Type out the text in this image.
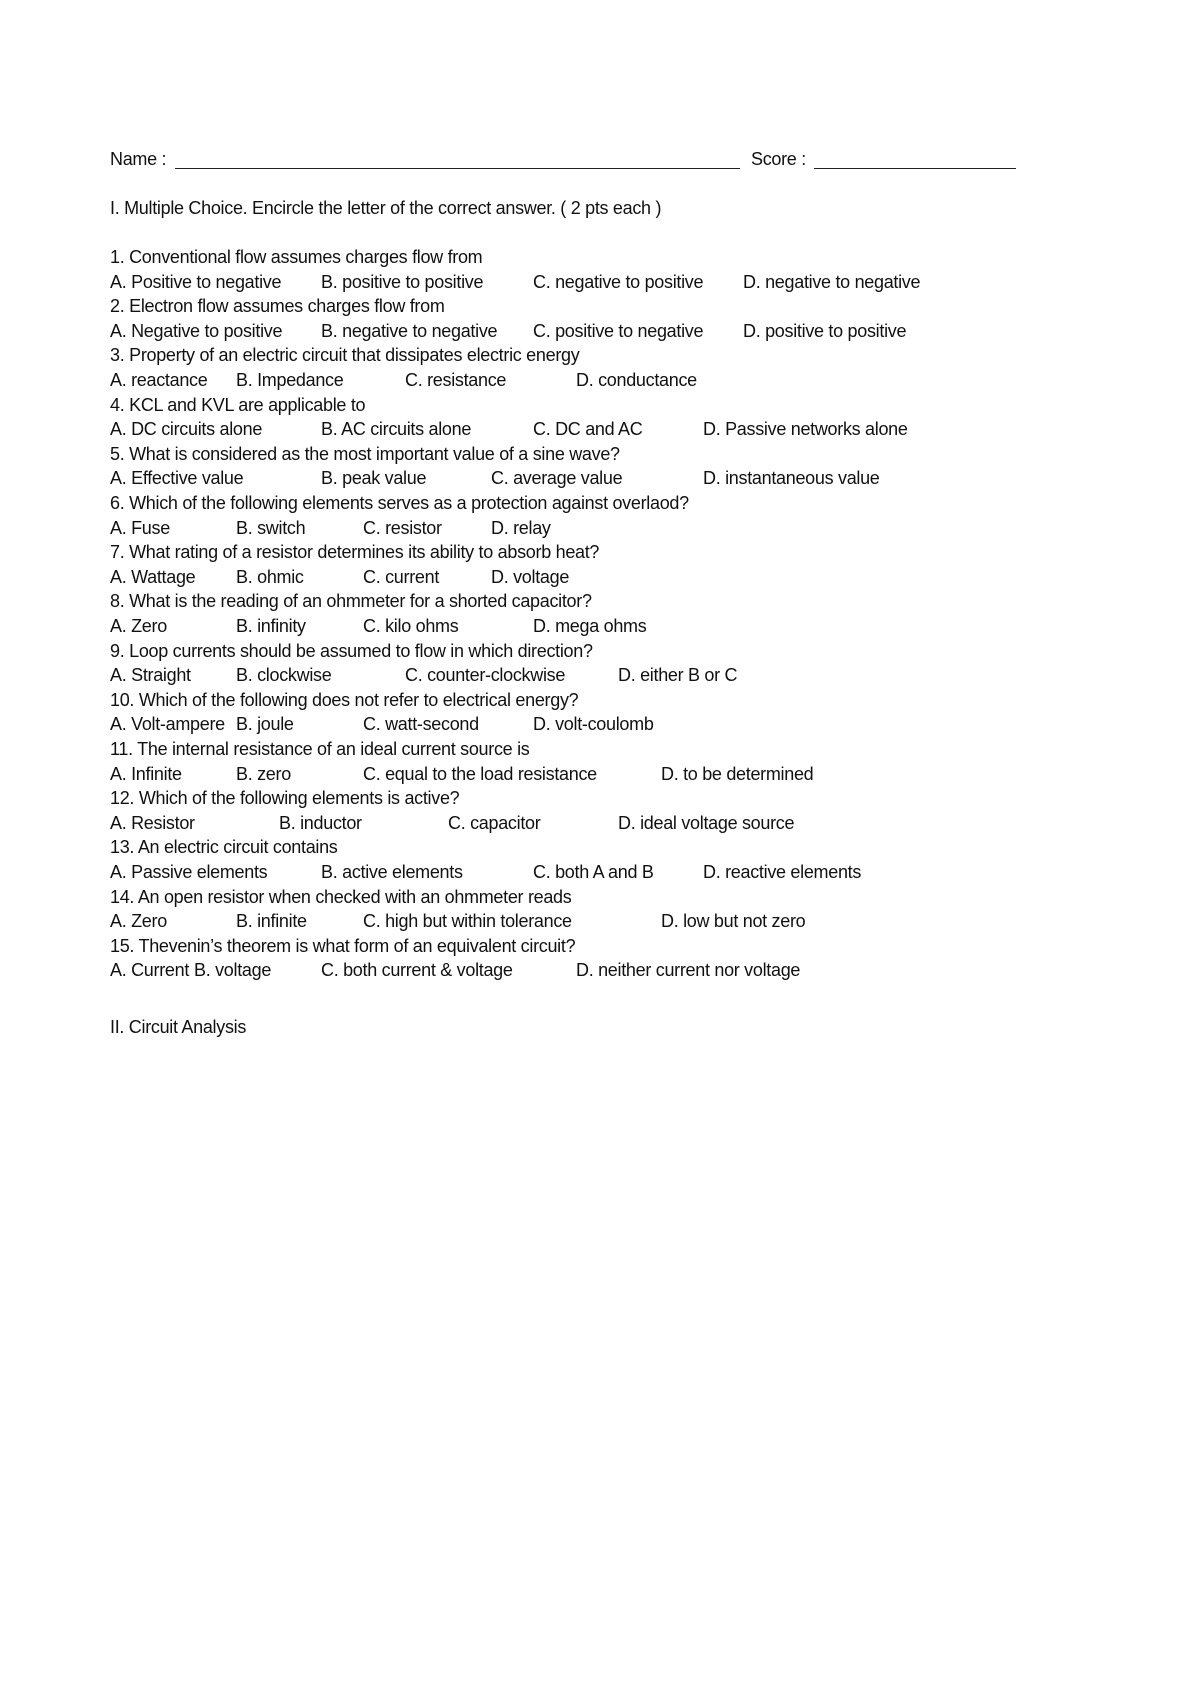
Name :	Score :
I. Multiple Choice. Encircle the letter of the correct answer. ( 2 pts each )
1. Conventional flow assumes charges flow from
A. Positive to negative B. positive to positive	C. negative to positive D. negative to negative
2. Electron flow assumes charges flow from
A. Negative to positive B. negative to negative C. positive to negative D. positive to positive
3. Property of an electric circuit that dissipates electric energy
A. reactance B. Impedance	C. resistance	D. conductance
4. KCL and KVL are applicable to
A. DC circuits alone	B. AC circuits alone	C. DC and AC	D. Passive networks alone
5. What is considered as the most important value of a sine wave?
A. Effective value	B. peak value	C. average value	D. instantaneous value
6. Which of the following elements serves as a protection against overlaod?
A. Fuse	B. switch	C. resistor	D. relay
7. What rating of a resistor determines its ability to absorb heat?
A. Wattage B. ohmic	C. current	D. voltage
8. What is the reading of an ohmmeter for a shorted capacitor?
A. Zero	B. infinity	C. kilo ohms	D. mega ohms
9. Loop currents should be assumed to flow in which direction?
A. Straight	B. clockwise	C. counter-clockwise	D. either B or C
10. Which of the following does not refer to electrical energy?
A. Volt-ampere B. joule	C. watt-second	D. volt-coulomb
11. The internal resistance of an ideal current source is
A. Infinite	B. zero	C. equal to the load resistance	D. to be determined
12. Which of the following elements is active?
A. Resistor	B. inductor	C. capacitor	D. ideal voltage source
13. An electric circuit contains
A. Passive elements	B. active elements	C. both A and B	D. reactive elements
14. An open resistor when checked with an ohmmeter reads
A. Zero	B. infinite	C. high but within tolerance	D. low but not zero
15. Thevenin’s theorem is what form of an equivalent circuit?
A. Current B. voltage	C. both current & voltage	D. neither current nor voltage
II. Circuit Analysis
